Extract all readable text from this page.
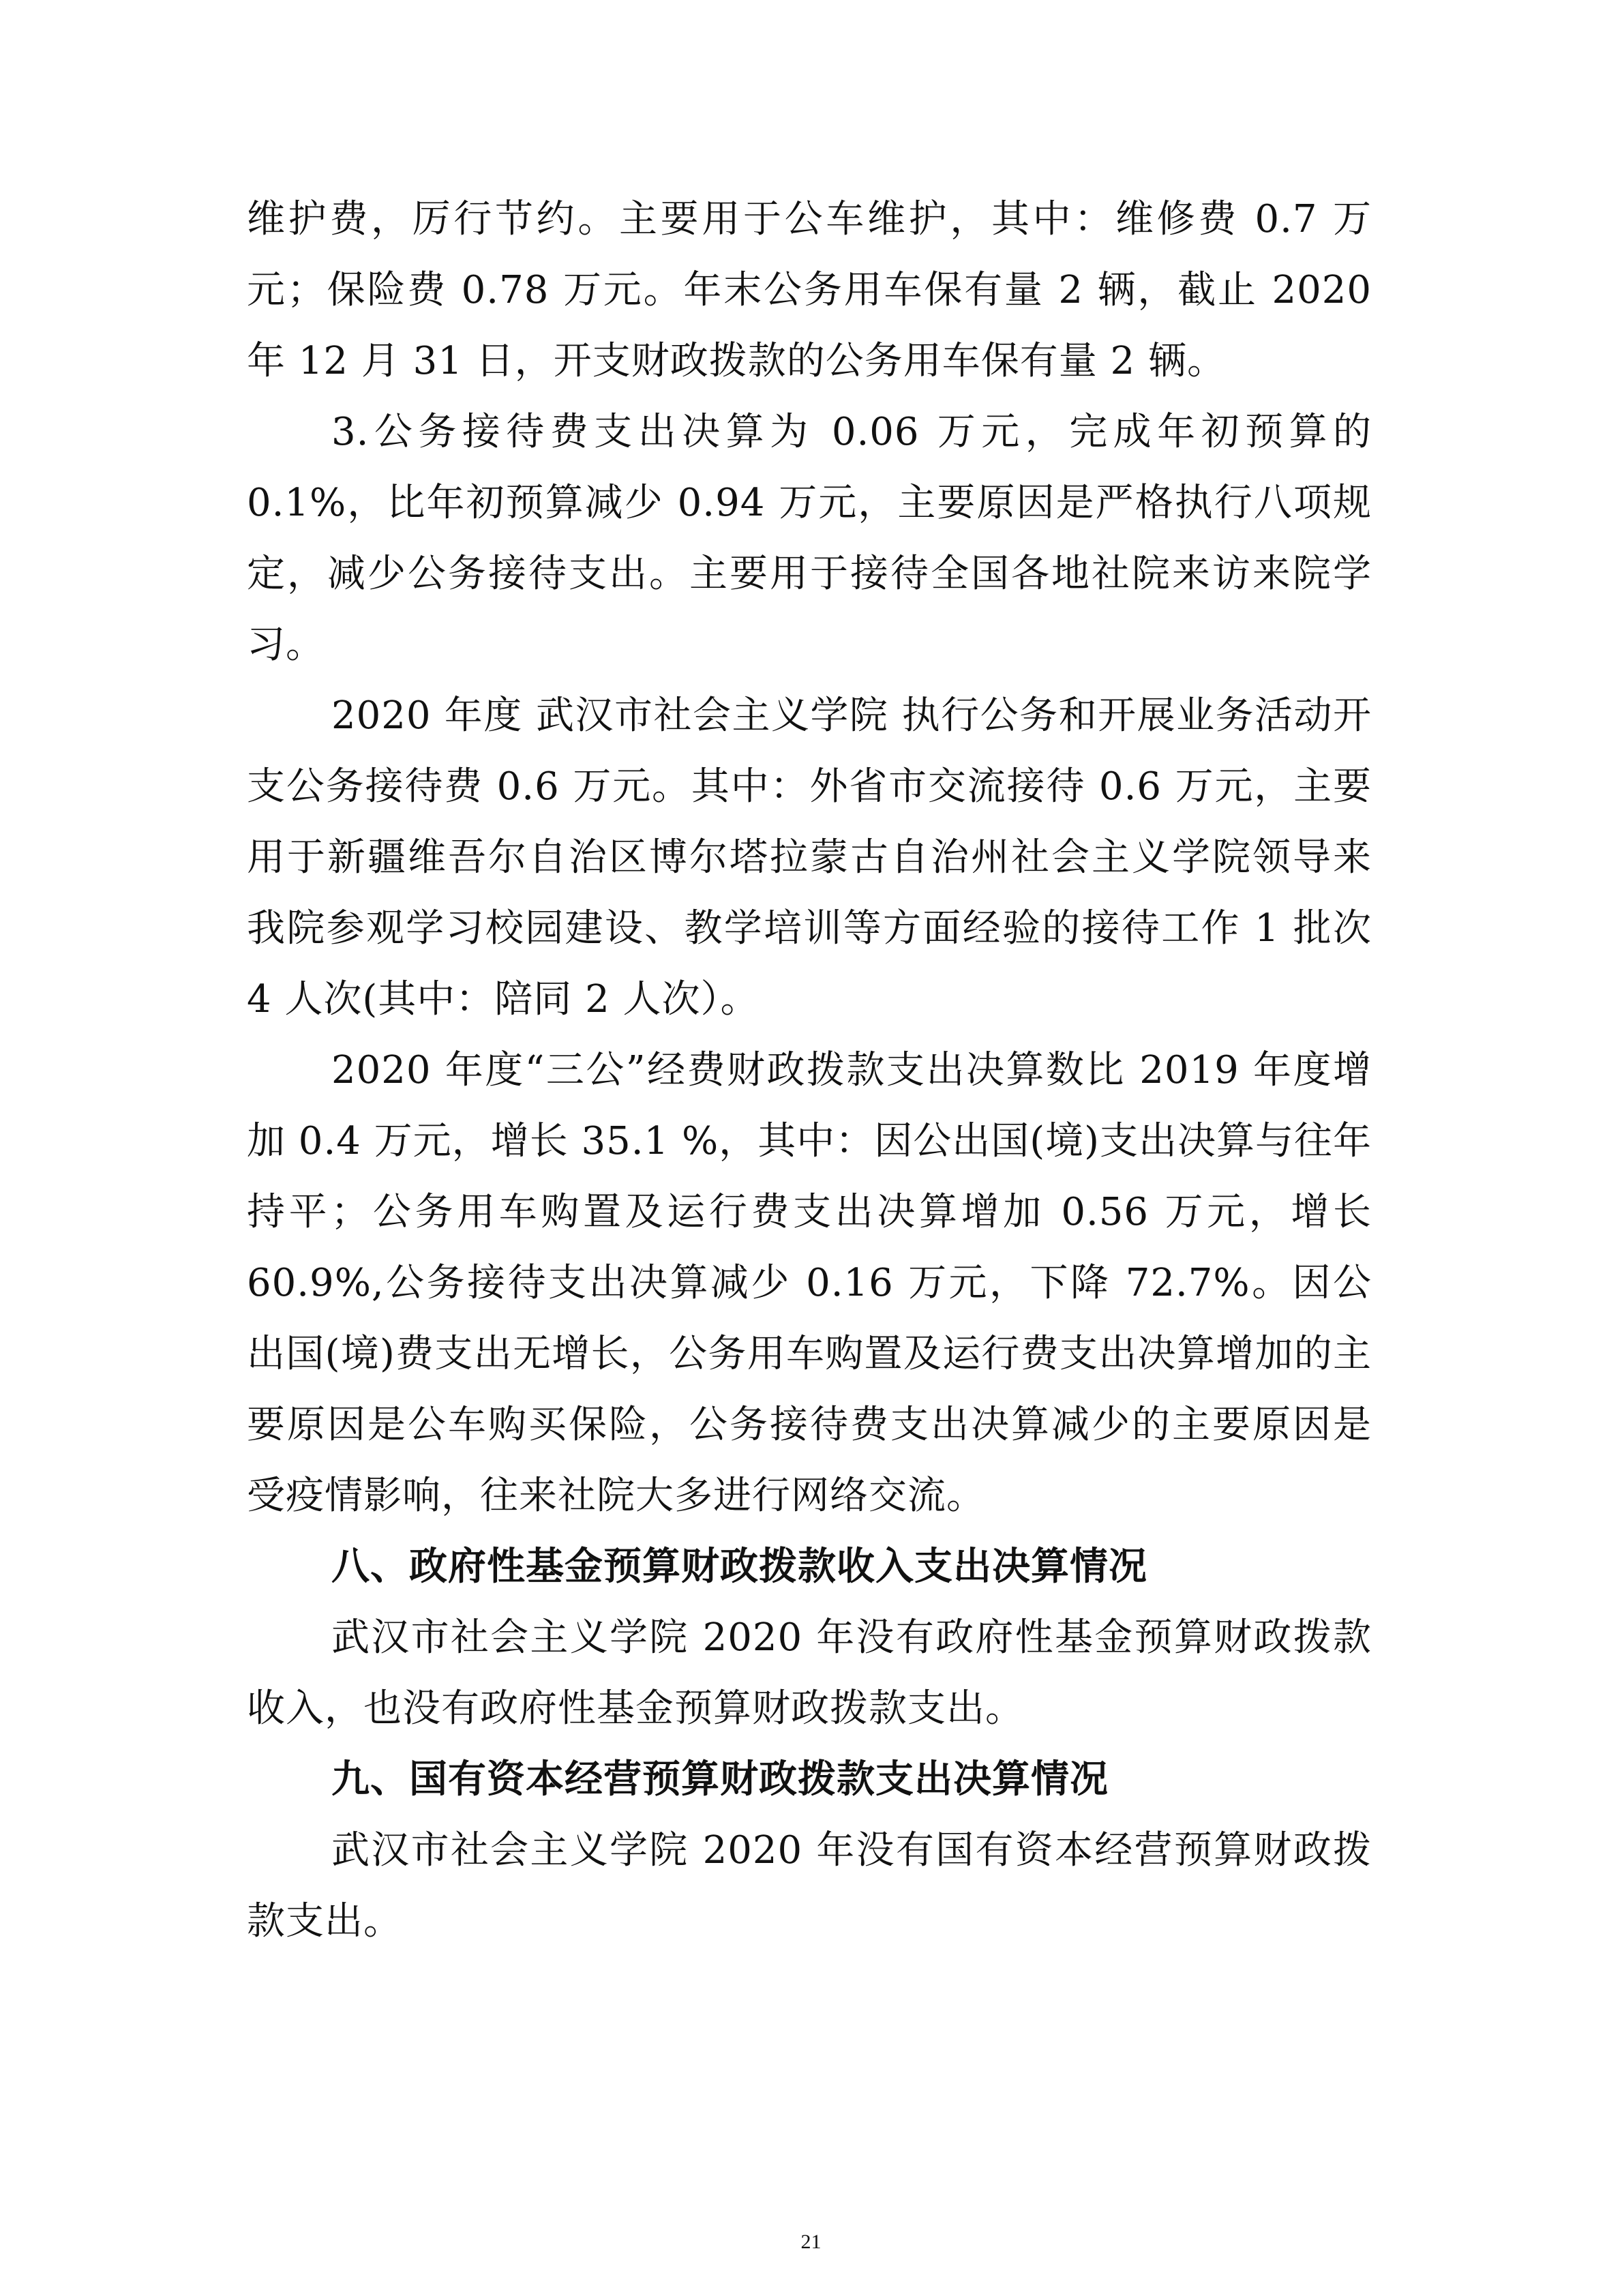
维护费，厉行节约。主要用于公车维护，其中：维修费 0.7 万元；保险费 0.78 万元。年末公务用车保有量 2 辆，截止 2020 年 12 月 31 日，开支财政拨款的公务用车保有量 2 辆。

3.公务接待费支出决算为 0.06 万元，完成年初预算的 0.1%，比年初预算减少 0.94 万元，主要原因是严格执行八项规定，减少公务接待支出。主要用于接待全国各地社院来访来院学习。

2020 年度 武汉市社会主义学院 执行公务和开展业务活动开支公务接待费 0.6 万元。其中：外省市交流接待 0.6 万元，主要用于新疆维吾尔自治区博尔塔拉蒙古自治州社会主义学院领导来我院参观学习校园建设、教学培训等方面经验的接待工作 1 批次 4 人次(其中：陪同 2 人次）。

2020 年度“三公”经费财政拨款支出决算数比 2019 年度增加 0.4 万元，增长 35.1 %，其中：因公出国(境)支出决算与往年持平；公务用车购置及运行费支出决算增加 0.56 万元，增长 60.9%,公务接待支出决算减少 0.16 万元，下降 72.7%。因公出国(境)费支出无增长，公务用车购置及运行费支出决算增加的主要原因是公车购买保险，公务接待费支出决算减少的主要原因是受疫情影响，往来社院大多进行网络交流。

八、政府性基金预算财政拨款收入支出决算情况

武汉市社会主义学院 2020 年没有政府性基金预算财政拨款收入，也没有政府性基金预算财政拨款支出。

九、国有资本经营预算财政拨款支出决算情况

武汉市社会主义学院 2020 年没有国有资本经营预算财政拨款支出。

21
